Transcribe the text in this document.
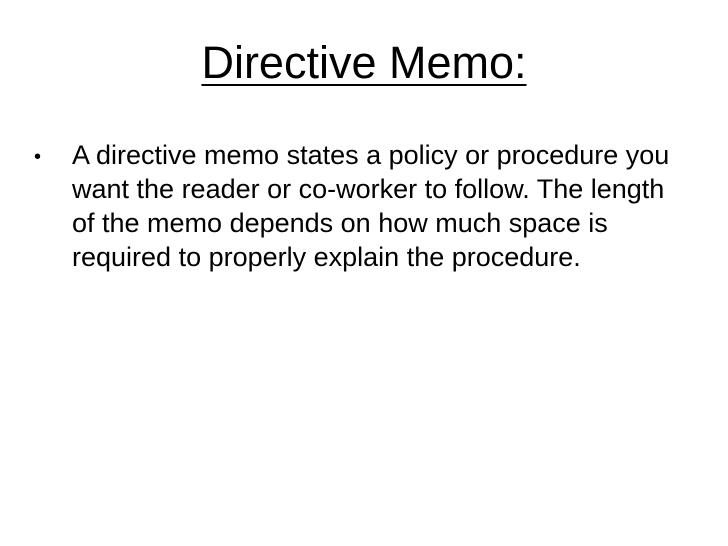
Directive Memo:
• A directive memo states a policy or procedure you want the reader or co-worker to follow. The length of the memo depends on how much space is required to properly explain the procedure.
